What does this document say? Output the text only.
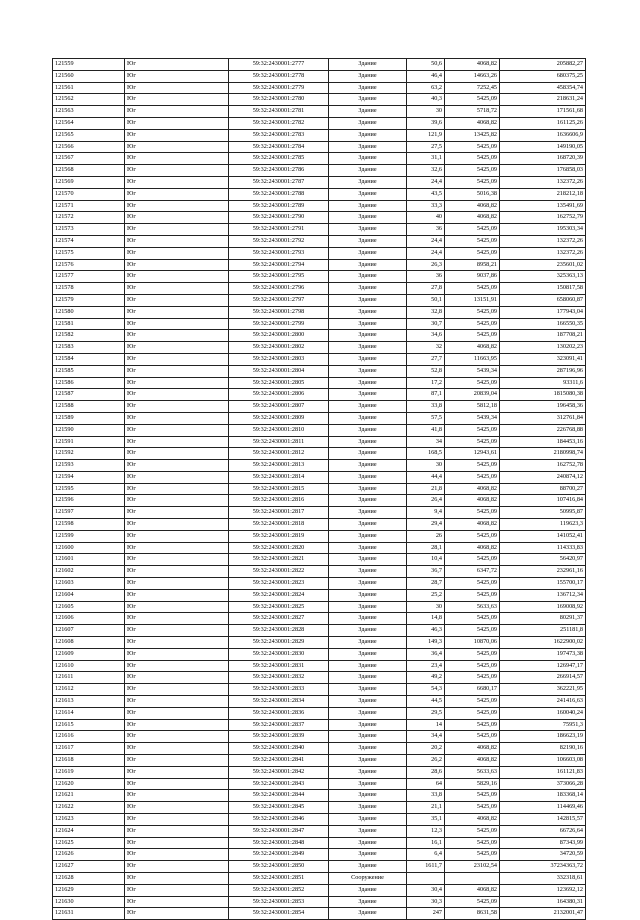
121559	Юг	59:32:2430001:2777	Здание	50,6	4068,82	205882,27
121560	Юг	59:32:2430001:2778	Здание	46,4	14663,26	680375,25
121561	Юг	59:32:2430001:2779	Здание	63,2	7252,45	458354,74
121562	Юг	59:32:2430001:2780	Здание	40,3	5425,09	218631,24
121563	Юг	59:32:2430001:2781	Здание	30	5718,72	171561,68
121564	Юг	59:32:2430001:2782	Здание	39,6	4068,82	161125,26
121565	Юг	59:32:2430001:2783	Здание	121,9	13425,82	1636606,9
121566	Юг	59:32:2430001:2784	Здание	27,5	5425,09	149190,05
121567	Юг	59:32:2430001:2785	Здание	31,1	5425,09	168720,39
121568	Юг	59:32:2430001:2786	Здание	32,6	5425,09	176858,03
121569	Юг	59:32:2430001:2787	Здание	24,4	5425,09	132372,26
121570	Юг	59:32:2430001:2788	Здание	43,5	5016,38	218212,18
121571	Юг	59:32:2430001:2789	Здание	33,3	4068,82	135491,69
121572	Юг	59:32:2430001:2790	Здание	40	4068,82	162752,79
121573	Юг	59:32:2430001:2791	Здание	36	5425,09	195303,34
121574	Юг	59:32:2430001:2792	Здание	24,4	5425,09	132372,26
121575	Юг	59:32:2430001:2793	Здание	24,4	5425,09	132372,26
121576	Юг	59:32:2430001:2794	Здание	26,3	8958,21	235601,02
121577	Юг	59:32:2430001:2795	Здание	36	9037,86	325363,13
121578	Юг	59:32:2430001:2796	Здание	27,8	5425,09	150817,58
121579	Юг	59:32:2430001:2797	Здание	50,1	13151,91	658060,87
121580	Юг	59:32:2430001:2798	Здание	32,8	5425,09	177943,04
121581	Юг	59:32:2430001:2799	Здание	30,7	5425,09	166550,35
121582	Юг	59:32:2430001:2800	Здание	34,6	5425,09	187708,21
121583	Юг	59:32:2430001:2802	Здание	32	4068,82	130202,23
121584	Юг	59:32:2430001:2803	Здание	27,7	11663,95	323091,41
121585	Юг	59:32:2430001:2804	Здание	52,8	5439,34	287196,96
121586	Юг	59:32:2430001:2805	Здание	17,2	5425,09	93311,6
121587	Юг	59:32:2430001:2806	Здание	87,1	20839,04	1815080,38
121588	Юг	59:32:2430001:2807	Здание	33,8	5812,18	196458,36
121589	Юг	59:32:2430001:2809	Здание	57,5	5439,34	312761,84
121590	Юг	59:32:2430001:2810	Здание	41,8	5425,09	226768,88
121591	Юг	59:32:2430001:2811	Здание	34	5425,09	184453,16
121592	Юг	59:32:2430001:2812	Здание	168,5	12943,61	2180998,74
121593	Юг	59:32:2430001:2813	Здание	30	5425,09	162752,78
121594	Юг	59:32:2430001:2814	Здание	44,4	5425,09	240874,12
121595	Юг	59:32:2430001:2815	Здание	21,8	4068,82	88700,27
121596	Юг	59:32:2430001:2816	Здание	26,4	4068,82	107416,84
121597	Юг	59:32:2430001:2817	Здание	9,4	5425,09	50995,87
121598	Юг	59:32:2430001:2818	Здание	29,4	4068,82	119623,3
121599	Юг	59:32:2430001:2819	Здание	26	5425,09	141052,41
121600	Юг	59:32:2430001:2820	Здание	28,1	4068,82	114333,83
121601	Юг	59:32:2430001:2821	Здание	10,4	5425,09	56420,97
121602	Юг	59:32:2430001:2822	Здание	36,7	6347,72	232961,16
121603	Юг	59:32:2430001:2823	Здание	28,7	5425,09	155700,17
121604	Юг	59:32:2430001:2824	Здание	25,2	5425,09	136712,34
121605	Юг	59:32:2430001:2825	Здание	30	5633,63	169008,92
121606	Юг	59:32:2430001:2827	Здание	14,8	5425,09	80291,37
121607	Юг	59:32:2430001:2828	Здание	46,3	5425,09	251181,8
121608	Юг	59:32:2430001:2829	Здание	149,3	10870,06	1622900,02
121609	Юг	59:32:2430001:2830	Здание	36,4	5425,09	197473,38
121610	Юг	59:32:2430001:2831	Здание	23,4	5425,09	126947,17
121611	Юг	59:32:2430001:2832	Здание	49,2	5425,09	266914,57
121612	Юг	59:32:2430001:2833	Здание	54,3	6680,17	362221,95
121613	Юг	59:32:2430001:2834	Здание	44,5	5425,09	241416,63
121614	Юг	59:32:2430001:2836	Здание	29,5	5425,09	160040,24
121615	Юг	59:32:2430001:2837	Здание	14	5425,09	75951,3
121616	Юг	59:32:2430001:2839	Здание	34,4	5425,09	186623,19
121617	Юг	59:32:2430001:2840	Здание	20,2	4068,82	82190,16
121618	Юг	59:32:2430001:2841	Здание	26,2	4068,82	106603,08
121619	Юг	59:32:2430001:2842	Здание	28,6	5633,63	161121,83
121620	Юг	59:32:2430001:2843	Здание	64	5829,16	373066,28
121621	Юг	59:32:2430001:2844	Здание	33,8	5425,09	183368,14
121622	Юг	59:32:2430001:2845	Здание	21,1	5425,09	114469,46
121623	Юг	59:32:2430001:2846	Здание	35,1	4068,82	142815,57
121624	Юг	59:32:2430001:2847	Здание	12,3	5425,09	66726,64
121625	Юг	59:32:2430001:2848	Здание	16,1	5425,09	87343,99
121626	Юг	59:32:2430001:2849	Здание	6,4	5425,09	34720,59
121627	Юг	59:32:2430001:2850	Здание	1611,7	23102,54	37234363,72
121628	Юг	59:32:2430001:2851	Сооружение			332318,61
121629	Юг	59:32:2430001:2852	Здание	30,4	4068,82	123692,12
121630	Юг	59:32:2430001:2853	Здание	30,3	5425,09	164380,31
121631	Юг	59:32:2430001:2854	Здание	247	8631,58	2132001,47
